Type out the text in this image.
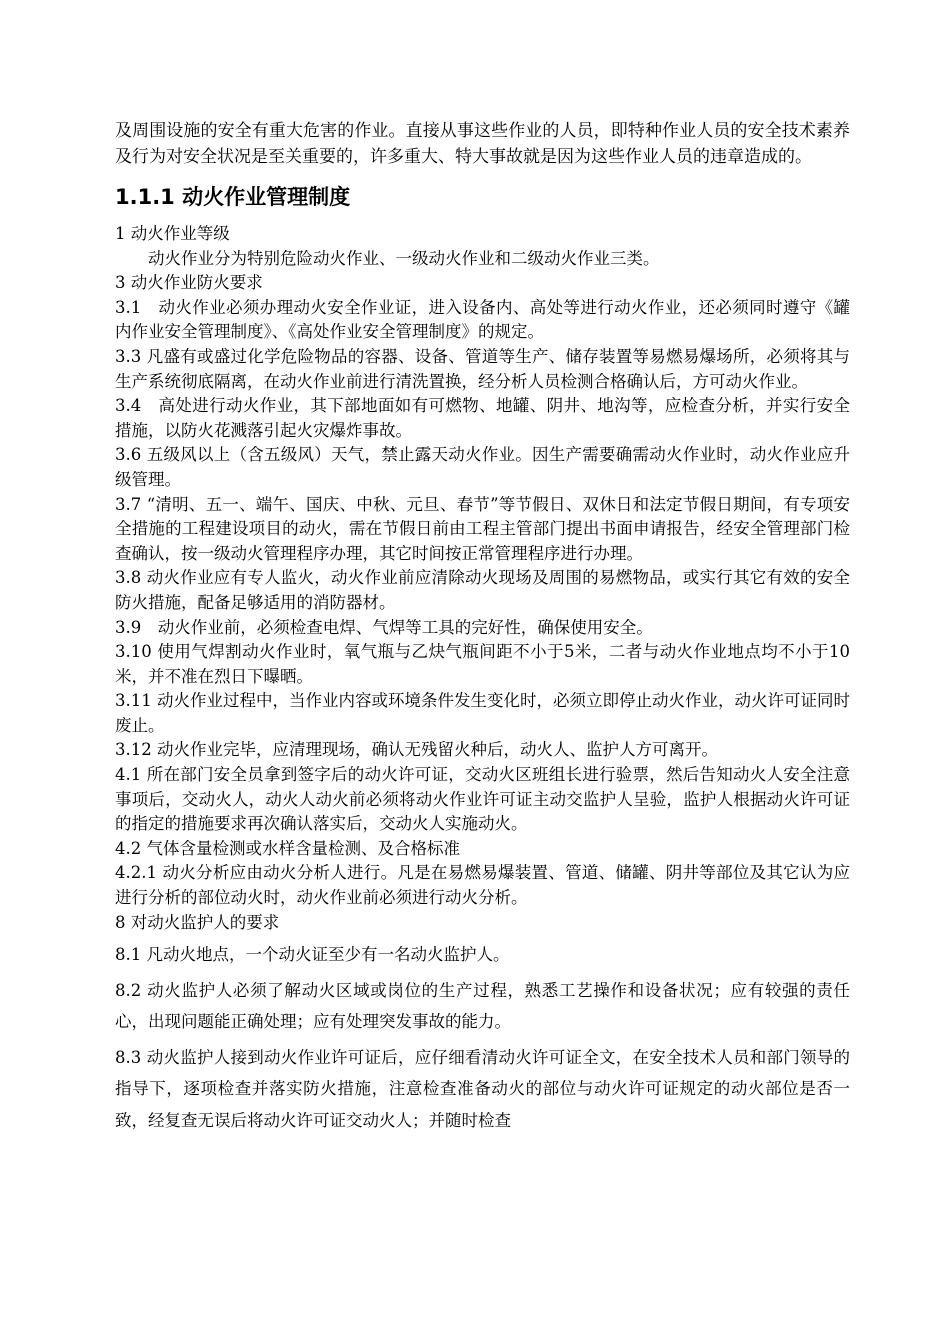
及周围设施的安全有重大危害的作业。直接从事这些作业的人员，即特种作业人员的安全技术素养及行为对安全状况是至关重要的，许多重大、特大事故就是因为这些作业人员的违章造成的。

1.1.1 动火作业管理制度

1 动火作业等级

动火作业分为特别危险动火作业、一级动火作业和二级动火作业三类。

3 动火作业防火要求

3.1　动火作业必须办理动火安全作业证，进入设备内、高处等进行动火作业，还必须同时遵守《罐内作业安全管理制度》、《高处作业安全管理制度》的规定。

3.3 凡盛有或盛过化学危险物品的容器、设备、管道等生产、储存装置等易燃易爆场所，必须将其与生产系统彻底隔离，在动火作业前进行清洗置换，经分析人员检测合格确认后，方可动火作业。

3.4　高处进行动火作业，其下部地面如有可燃物、地罐、阴井、地沟等，应检查分析，并实行安全措施，以防火花溅落引起火灾爆炸事故。

3.6 五级风以上（含五级风）天气，禁止露天动火作业。因生产需要确需动火作业时，动火作业应升级管理。

3.7 “清明、五一、端午、国庆、中秋、元旦、春节”等节假日、双休日和法定节假日期间，有专项安全措施的工程建设项目的动火，需在节假日前由工程主管部门提出书面申请报告，经安全管理部门检查确认，按一级动火管理程序办理，其它时间按正常管理程序进行办理。

3.8 动火作业应有专人监火，动火作业前应清除动火现场及周围的易燃物品，或实行其它有效的安全防火措施，配备足够适用的消防器材。

3.9　动火作业前，必须检查电焊、气焊等工具的完好性，确保使用安全。

3.10 使用气焊割动火作业时，氧气瓶与乙炔气瓶间距不小于5米，二者与动火作业地点均不小于10米，并不准在烈日下曝晒。

3.11 动火作业过程中，当作业内容或环境条件发生变化时，必须立即停止动火作业，动火许可证同时废止。

3.12 动火作业完毕，应清理现场，确认无残留火种后，动火人、监护人方可离开。

4.1 所在部门安全员拿到签字后的动火许可证，交动火区班组长进行验票，然后告知动火人安全注意事项后，交动火人，动火人动火前必须将动火作业许可证主动交监护人呈验，监护人根据动火许可证的指定的措施要求再次确认落实后，交动火人实施动火。

4.2 气体含量检测或水样含量检测、及合格标准

4.2.1 动火分析应由动火分析人进行。凡是在易燃易爆装置、管道、储罐、阴井等部位及其它认为应进行分析的部位动火时，动火作业前必须进行动火分析。

8 对动火监护人的要求

8.1 凡动火地点，一个动火证至少有一名动火监护人。

8.2 动火监护人必须了解动火区域或岗位的生产过程，熟悉工艺操作和设备状况；应有较强的责任心，出现问题能正确处理；应有处理突发事故的能力。

8.3 动火监护人接到动火作业许可证后，应仔细看清动火许可证全文，在安全技术人员和部门领导的指导下，逐项检查并落实防火措施，注意检查准备动火的部位与动火许可证规定的动火部位是否一致，经复查无误后将动火许可证交动火人；并随时检查
